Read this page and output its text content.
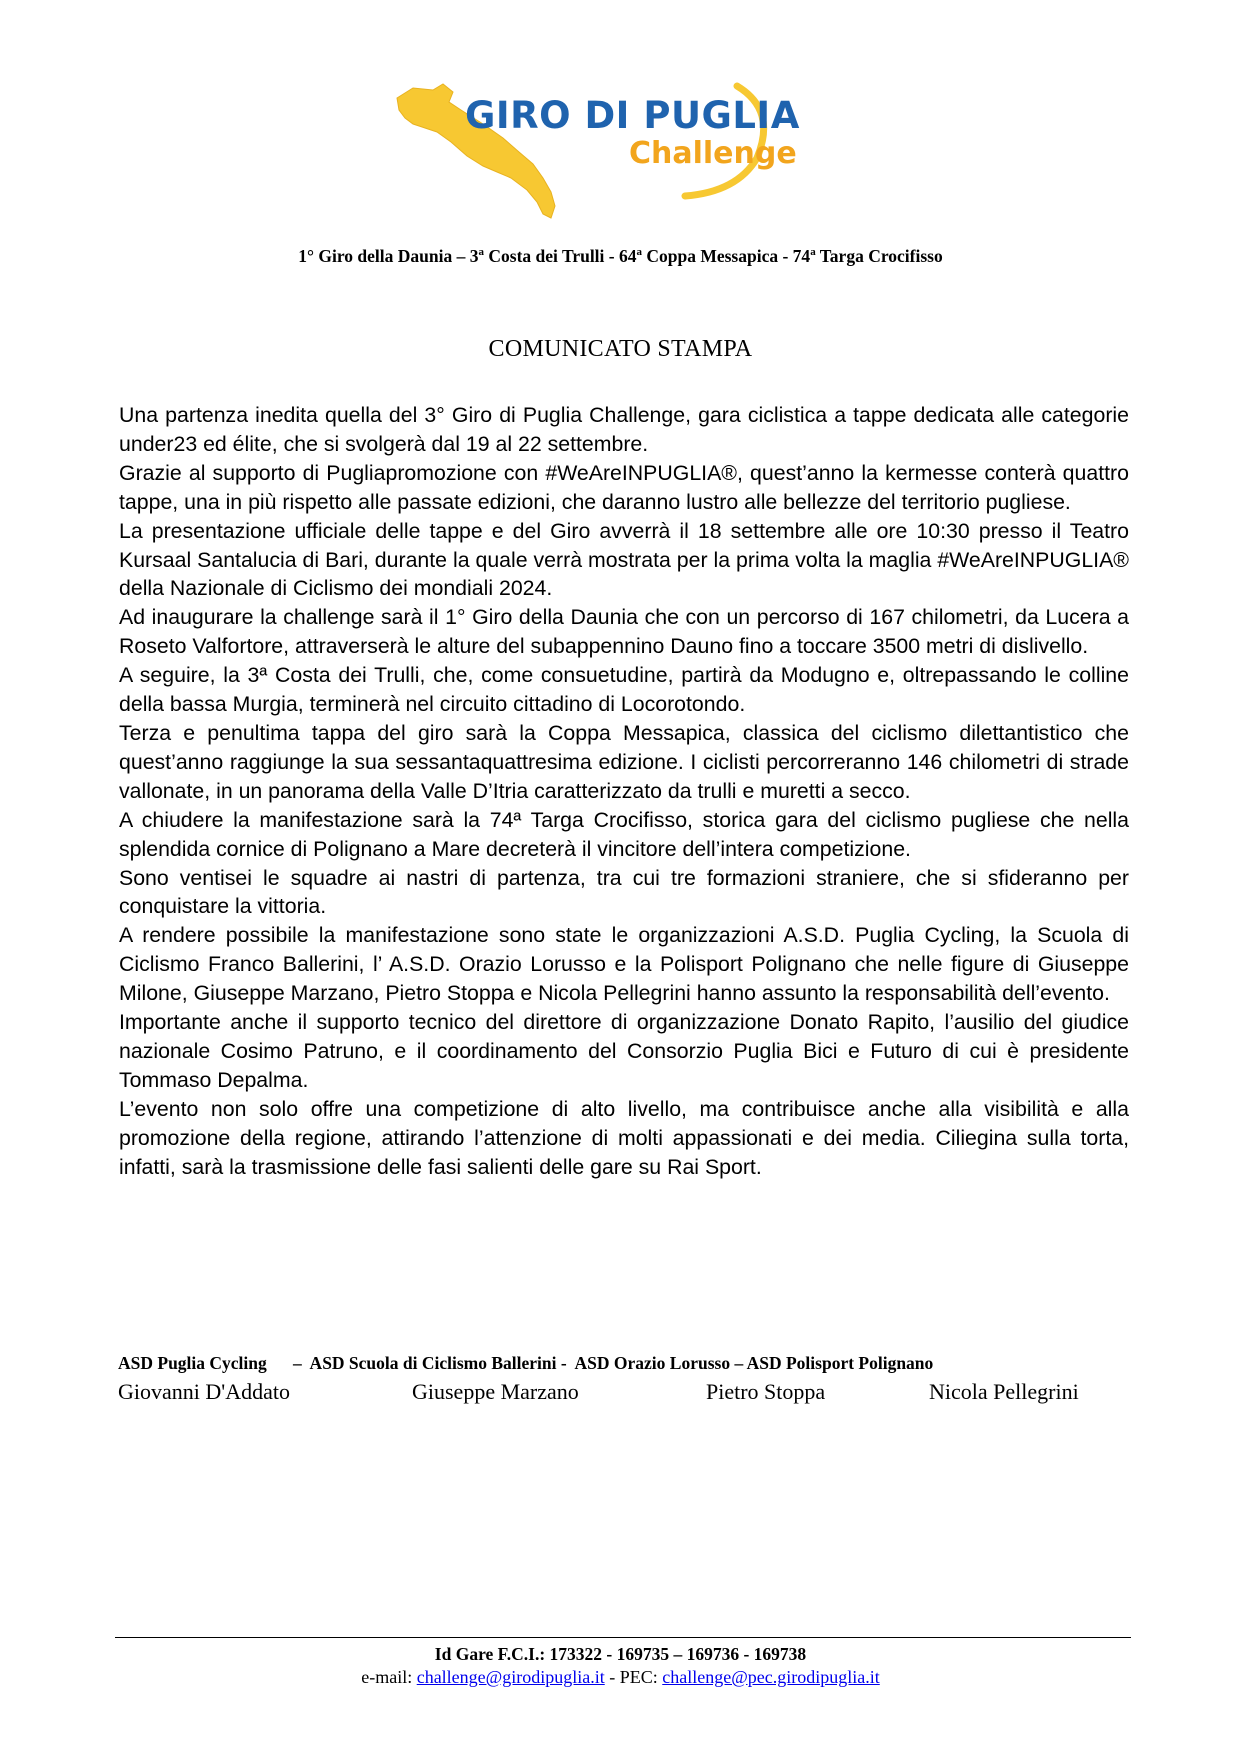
GIRO DI PUGLIA
Challenge
1° Giro della Daunia – 3$^a$ Costa dei Trulli - 64$^a$ Coppa Messapica - 74$^a$ Targa Crocifisso
COMUNICATO STAMPA

Una partenza inedita quella del 3° Giro di Puglia Challenge, gara ciclistica a tappe dedicata alle categorie under23 ed élite, che si svolgerà dal 19 al 22 settembre.

Grazie al supporto di Pugliapromozione con #WeAreINPUGLIA®, quest’anno la kermesse conterà quattro tappe, una in più rispetto alle passate edizioni, che daranno lustro alle bellezze del territorio pugliese.

La presentazione ufficiale delle tappe e del Giro avverrà il 18 settembre alle ore 10:30 presso il Teatro Kursaal Santalucia di Bari, durante la quale verrà mostrata per la prima volta la maglia #WeAreINPUGLIA® della Nazionale di Ciclismo dei mondiali 2024.

Ad inaugurare la challenge sarà il 1° Giro della Daunia che con un percorso di 167 chilometri, da Lucera a Roseto Valfortore, attraverserà le alture del subappennino Dauno fino a toccare 3500 metri di dislivello.

A seguire, la 3ª Costa dei Trulli, che, come consuetudine, partirà da Modugno e, oltrepassando le colline della bassa Murgia, terminerà nel circuito cittadino di Locorotondo.

Terza e penultima tappa del giro sarà la Coppa Messapica, classica del ciclismo dilettantistico che quest’anno raggiunge la sua sessantaquattresima edizione. I ciclisti percorreranno 146 chilometri di strade vallonate, in un panorama della Valle D’Itria caratterizzato da trulli e muretti a secco.

A chiudere la manifestazione sarà la 74ª Targa Crocifisso, storica gara del ciclismo pugliese che nella splendida cornice di Polignano a Mare decreterà il vincitore dell’intera competizione.

Sono ventisei le squadre ai nastri di partenza, tra cui tre formazioni straniere, che si sfideranno per conquistare la vittoria.

A rendere possibile la manifestazione sono state le organizzazioni A.S.D. Puglia Cycling, la Scuola di Ciclismo Franco Ballerini, l’ A.S.D. Orazio Lorusso e la Polisport Polignano che nelle figure di Giuseppe Milone, Giuseppe Marzano, Pietro Stoppa e Nicola Pellegrini hanno assunto la responsabilità dell’evento.

Importante anche il supporto tecnico del direttore di organizzazione Donato Rapito, l’ausilio del giudice nazionale Cosimo Patruno, e il coordinamento del Consorzio Puglia Bici e Futuro di cui è presidente Tommaso Depalma.

L’evento non solo offre una competizione di alto livello, ma contribuisce anche alla visibilità e alla promozione della regione, attirando l’attenzione di molti appassionati e dei media. Ciliegina sulla torta, infatti, sarà la trasmissione delle fasi salienti delle gare su Rai Sport.

ASD Puglia Cycling      –  ASD Scuola di Ciclismo Ballerini -  ASD Orazio Lorusso – ASD Polisport Polignano
Giovanni D'Addato	Giuseppe Marzano	Pietro Stoppa	Nicola Pellegrini
Id Gare F.C.I.: 173322 - 169735 – 169736 - 169738
e-mail: challenge@girodipuglia.it - PEC: challenge@pec.girodipuglia.it
